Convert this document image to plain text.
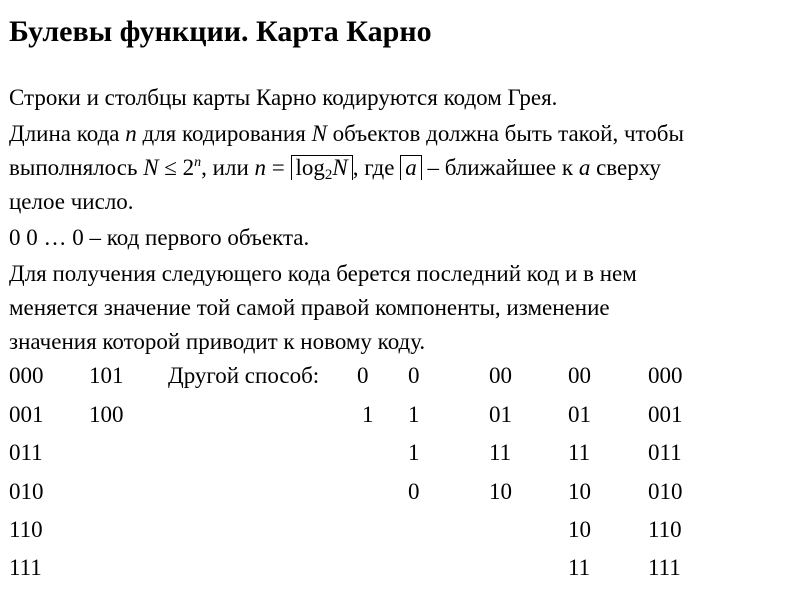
Булевы функции. Карта Карно
Строки и столбцы карты Карно кодируются кодом Грея.
Длина кода n для кодирования N объектов должна быть такой, чтобы
выполнялось $N \le 2^n$, или $n = \log_2N$ , где a – ближайшее к a сверху
целое число.
0 0 … 0 – код первого объекта.
Для получения следующего кода берется последний код и в нем
меняется значение той самой правой компоненты, изменение
значения которой приводит к новому коду.
000
001
011
010
110
111
101
100
Другой способ: 0
1
0
1
1
0
00
01
11
10
00
01
11
10
10
11
000
001
011
010
110
111
